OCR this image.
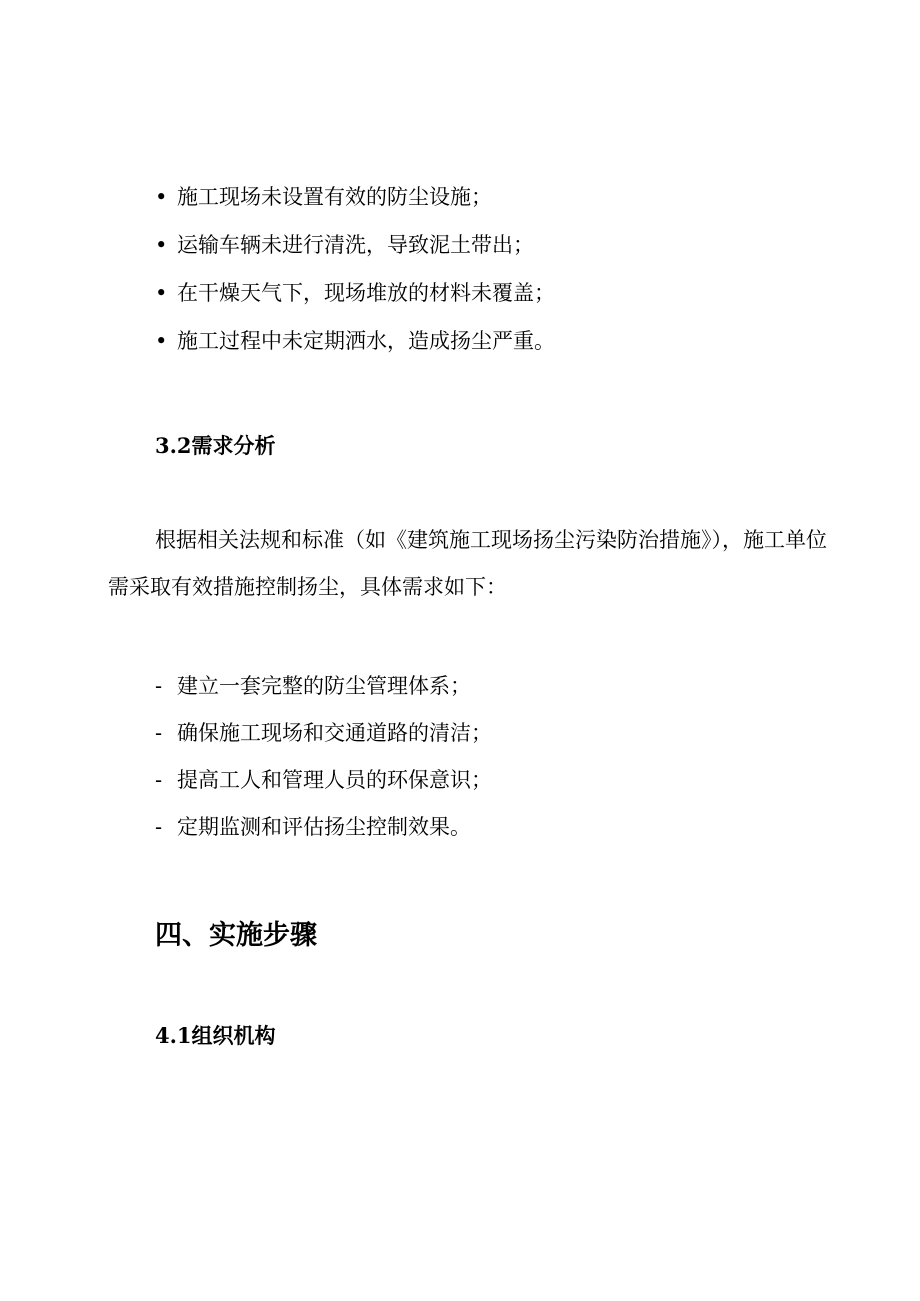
• 施工现场未设置有效的防尘设施；
• 运输车辆未进行清洗，导致泥土带出；
• 在干燥天气下，现场堆放的材料未覆盖；
• 施工过程中未定期洒水，造成扬尘严重。
3.2需求分析
根据相关法规和标准（如《建筑施工现场扬尘污染防治措施》），施工单位需采取有效措施控制扬尘，具体需求如下：
- 建立一套完整的防尘管理体系；
- 确保施工现场和交通道路的清洁；
- 提高工人和管理人员的环保意识；
- 定期监测和评估扬尘控制效果。
四、实施步骤
4.1组织机构
